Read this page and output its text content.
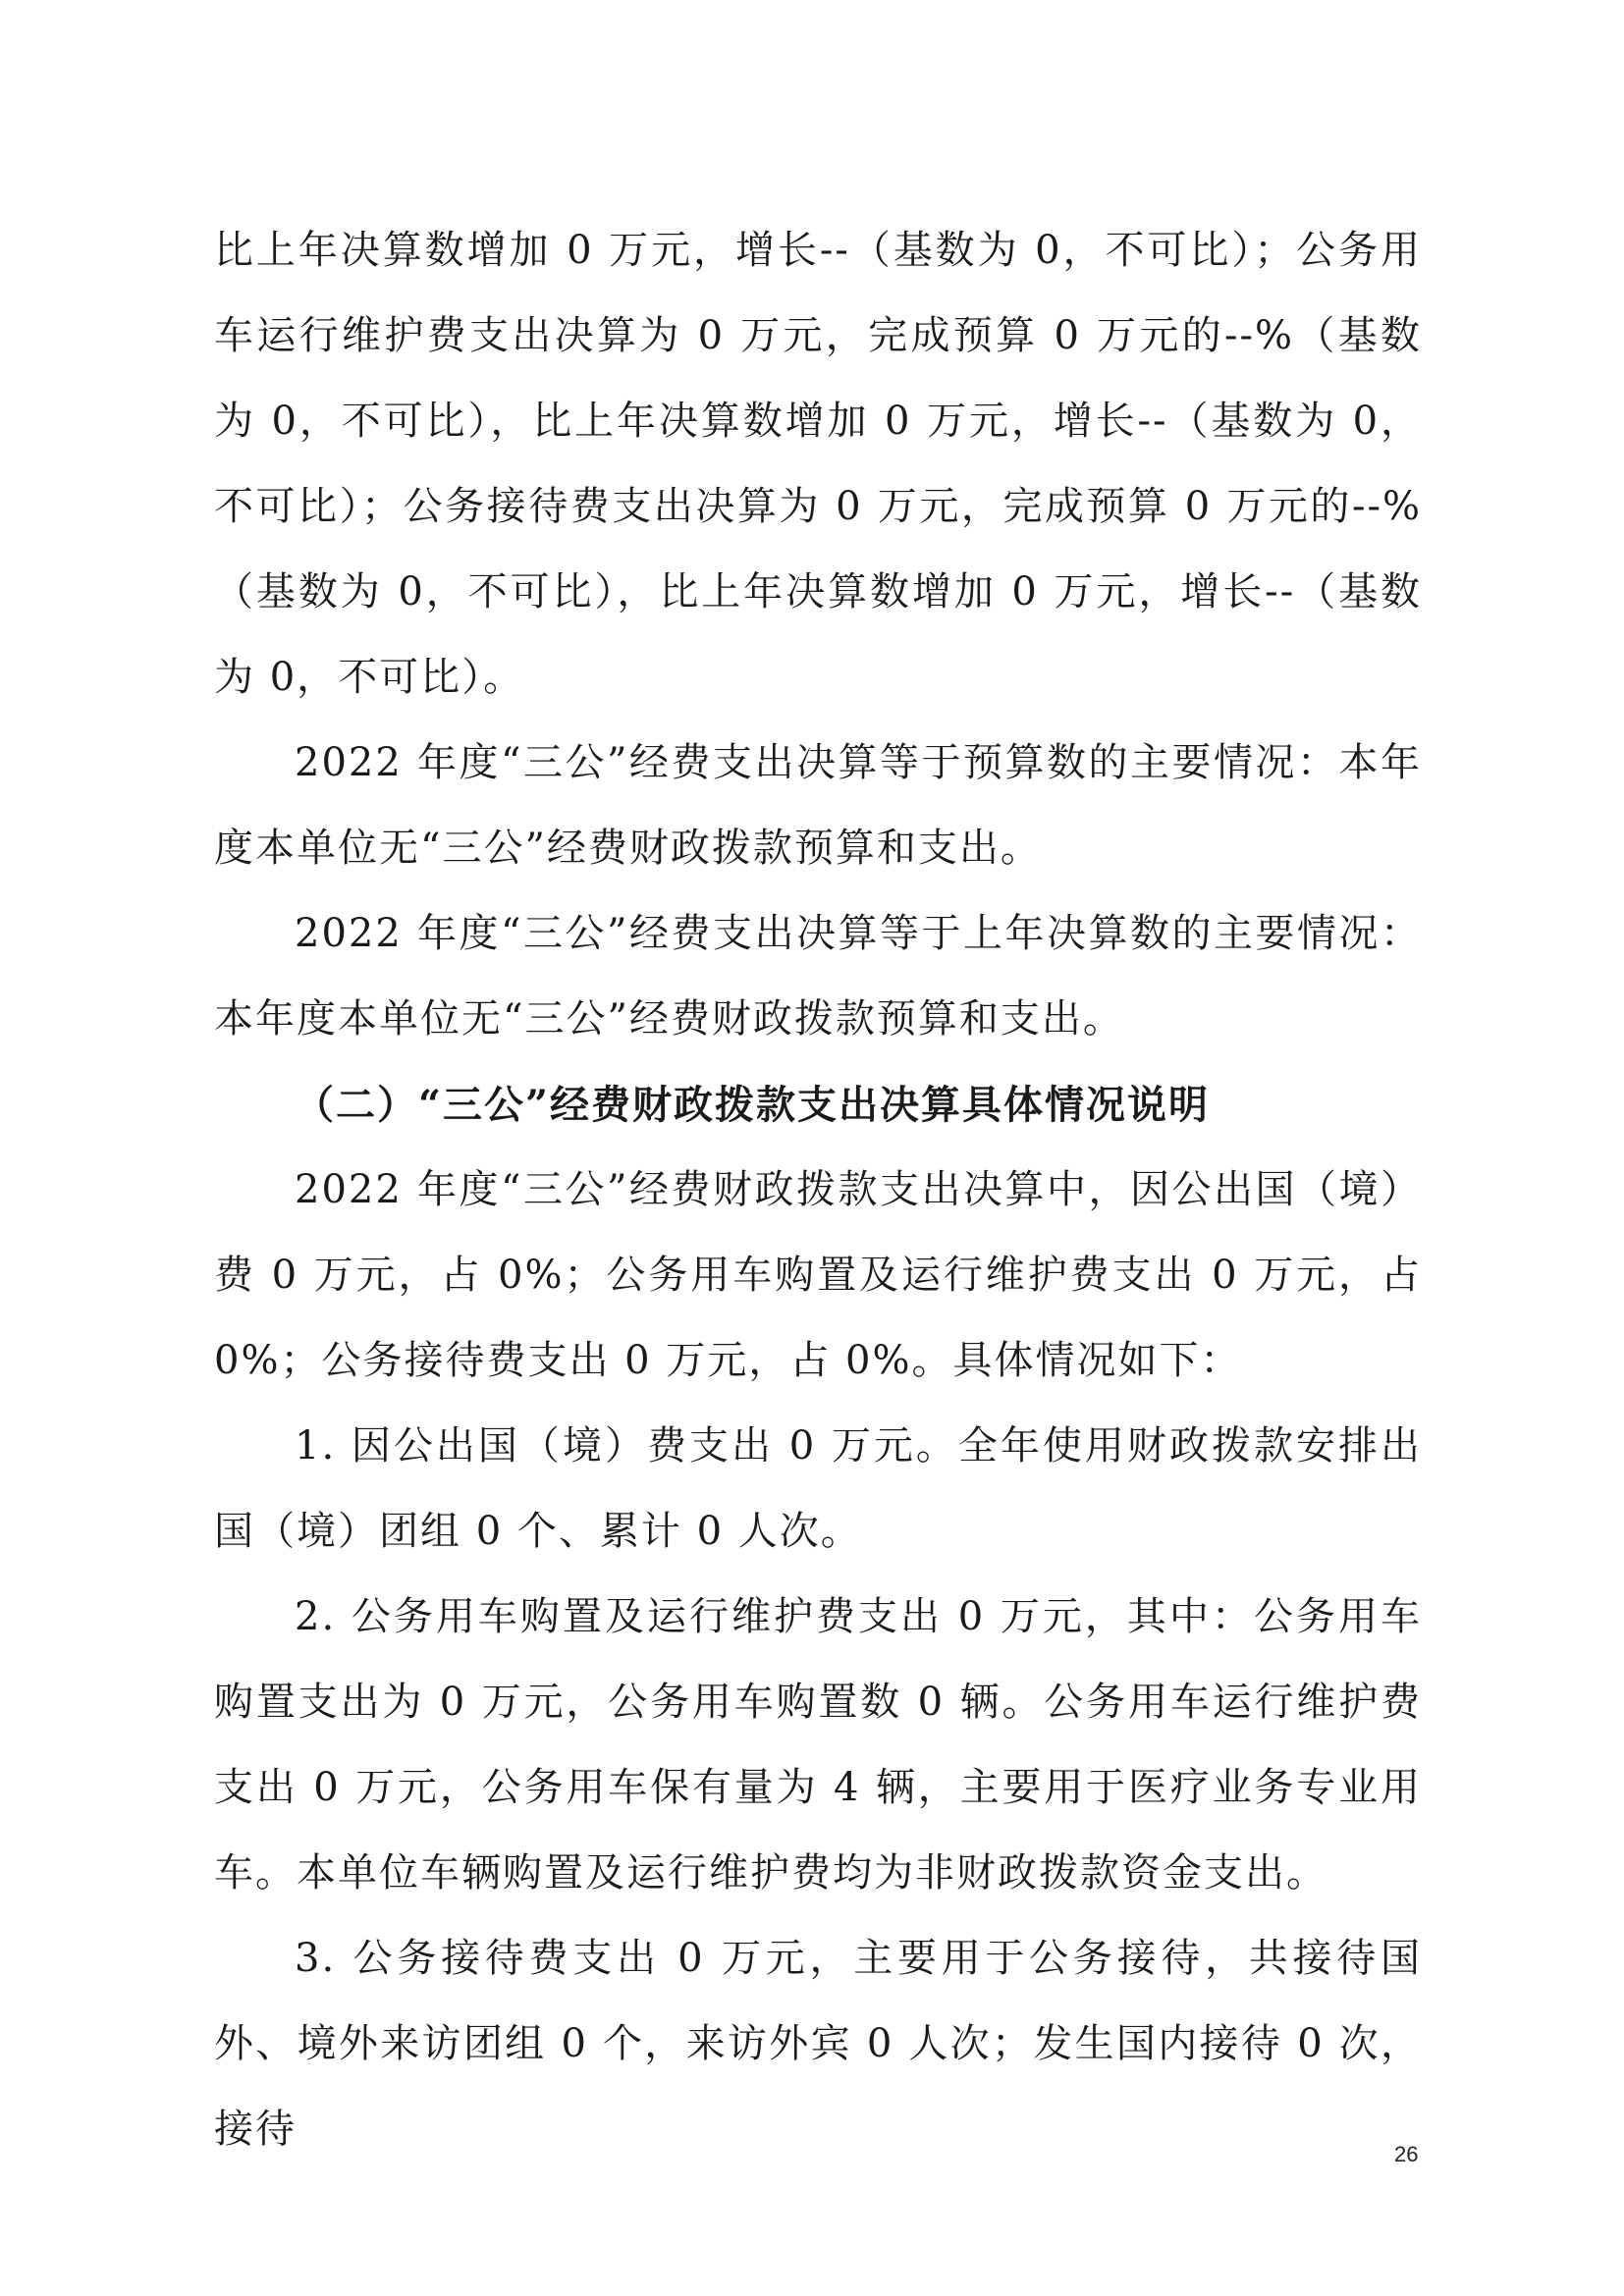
比上年决算数增加 0 万元，增长--（基数为 0，不可比）；公务用车运行维护费支出决算为 0 万元，完成预算 0 万元的--%（基数为 0，不可比），比上年决算数增加 0 万元，增长--（基数为 0，不可比）；公务接待费支出决算为 0 万元，完成预算 0 万元的--%（基数为 0，不可比），比上年决算数增加 0 万元，增长--（基数为 0，不可比）。

2022 年度“三公”经费支出决算等于预算数的主要情况：本年度本单位无“三公”经费财政拨款预算和支出。

2022 年度“三公”经费支出决算等于上年决算数的主要情况：本年度本单位无“三公”经费财政拨款预算和支出。

（二）“三公”经费财政拨款支出决算具体情况说明

2022 年度“三公”经费财政拨款支出决算中，因公出国（境）费 0 万元，占 0%；公务用车购置及运行维护费支出 0 万元，占 0%；公务接待费支出 0 万元，占 0%。具体情况如下：

1. 因公出国（境）费支出 0 万元。全年使用财政拨款安排出国（境）团组 0 个、累计 0 人次。

2. 公务用车购置及运行维护费支出 0 万元，其中：公务用车购置支出为 0 万元，公务用车购置数 0 辆。公务用车运行维护费支出 0 万元，公务用车保有量为 4 辆，主要用于医疗业务专业用车。本单位车辆购置及运行维护费均为非财政拨款资金支出。

3. 公务接待费支出 0 万元，主要用于公务接待，共接待国外、境外来访团组 0 个，来访外宾 0 人次；发生国内接待 0 次，接待

26
